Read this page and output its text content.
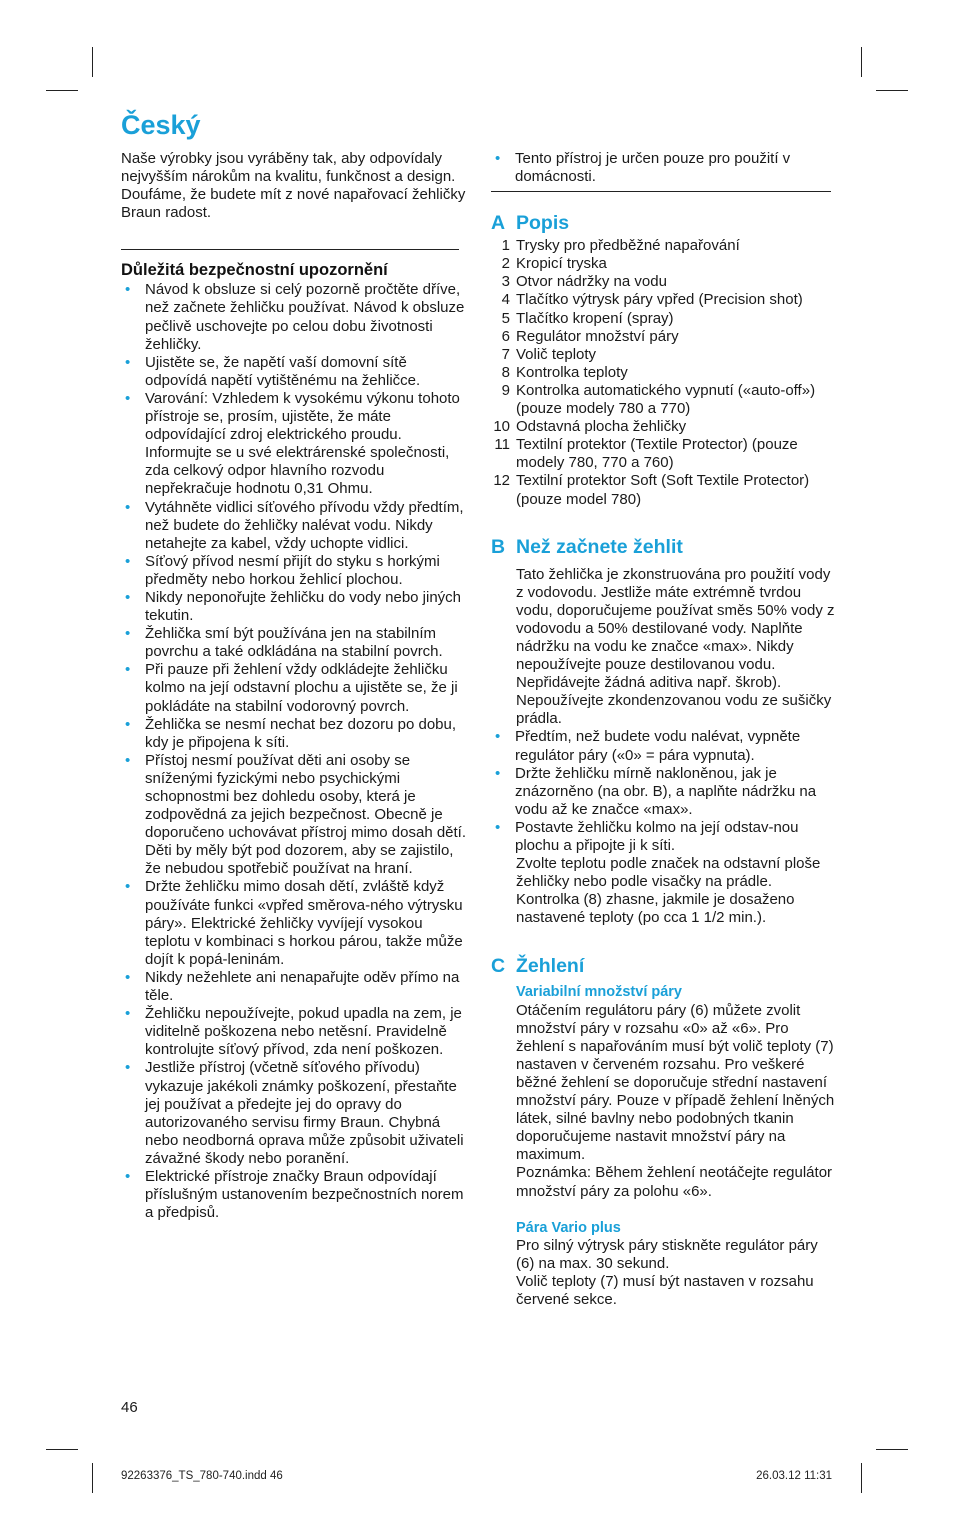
Český

Naše výrobky jsou vyráběny tak, aby odpovídaly nejvyšším nárokům na kvalitu, funkčnost a design. Doufáme, že budete mít z nové napařovací žehličky Braun radost.

Důležitá bezpečnostní upozornění
• Návod k obsluze si celý pozorně pročtěte dříve, než začnete žehličku používat. Návod k obsluze pečlivě uschovejte po celou dobu životnosti žehličky.
• Ujistěte se, že napětí vaší domovní sítě odpovídá napětí vytištěnému na žehličce.
• Varování: Vzhledem k vysokému výkonu tohoto přístroje se, prosím, ujistěte, že máte odpovídající zdroj elektrického proudu. Informujte se u své elektrárenské společnosti, zda celkový odpor hlavního rozvodu nepřekračuje hodnotu 0,31 Ohmu.
• Vytáhněte vidlici síťového přívodu vždy předtím, než budete do žehličky nalévat vodu. Nikdy netahejte za kabel, vždy uchopte vidlici.
• Síťový přívod nesmí přijít do styku s horkými předměty nebo horkou žehlicí plochou.
• Nikdy neponořujte žehličku do vody nebo jiných tekutin.
• Žehlička smí být používána jen na stabilním povrchu a také odkládána na stabilní povrch.
• Při pauze při žehlení vždy odkládejte žehličku kolmo na její odstavní plochu a ujistěte se, že ji pokládáte na stabilní vodorovný povrch.
• Žehlička se nesmí nechat bez dozoru po dobu, kdy je připojena k síti.
• Přístoj nesmí používat děti ani osoby se sníženými fyzickými nebo psychickými schopnostmi bez dohledu osoby, která je zodpovědná za jejich bezpečnost. Obecně je doporučeno uchovávat přístroj mimo dosah dětí. Děti by měly být pod dozorem, aby se zajistilo, že nebudou spotřebič používat na hraní.
• Držte žehličku mimo dosah dětí, zvláště když používáte funkci «vpřed směrova-ného výtrysku páry». Elektrické žehličky vyvíjejí vysokou teplotu v kombinaci s horkou párou, takže může dojít k popá-leninám.
• Nikdy nežehlete ani nenapařujte oděv přímo na těle.
• Žehličku nepoužívejte, pokud upadla na zem, je viditelně poškozena nebo netěsní. Pravidelně kontrolujte síťový přívod, zda není poškozen.
• Jestliže přístroj (včetně síťového přívodu) vykazuje jakékoli známky poškození, přestaňte jej používat a předejte jej do opravy do autorizovaného servisu firmy Braun. Chybná nebo neodborná oprava může způsobit uživateli závažné škody nebo poranění.
• Elektrické přístroje značky Braun odpovídají příslušným ustanovením bezpečnostních norem a předpisů.
• Tento přístroj je určen pouze pro použití v domácnosti.
A Popis
1 Trysky pro předběžné napařování
2 Kropicí tryska
3 Otvor nádržky na vodu
4 Tlačítko výtrysk páry vpřed (Precision shot)
5 Tlačítko kropení (spray)
6 Regulátor množství páry
7 Volič teploty
8 Kontrolka teploty
9 Kontrolka automatického vypnutí («auto-off») (pouze modely 780 a 770)
10 Odstavná plocha žehličky
11 Textilní protektor (Textile Protector) (pouze modely 780, 770 a 760)
12 Textilní protektor Soft (Soft Textile Protector) (pouze model 780)
B Než začnete žehlit

Tato žehlička je zkonstruována pro použití vody z vodovodu. Jestliže máte extrémně tvrdou vodu, doporučujeme používat směs 50% vody z vodovodu a 50% destilované vody. Naplňte nádržku na vodu ke značce «max». Nikdy nepoužívejte pouze destilovanou vodu. Nepřidávejte žádná aditiva např. škrob). Nepoužívejte zkondenzovanou vodu ze sušičky prádla.

• Předtím, než budete vodu nalévat, vypněte regulátor páry («0» = pára vypnuta).
• Držte žehličku mírně nakloněnou, jak je znázorněno (na obr. B), a naplňte nádržku na vodu až ke značce «max».
• Postavte žehličku kolmo na její odstav-nou plochu a připojte ji k síti.

Zvolte teplotu podle značek na odstavní ploše žehličky nebo podle visačky na prádle.

Kontrolka (8) zhasne, jakmile je dosaženo nastavené teploty (po cca 1 1/2 min.).

C Žehlení
Variabilní množství páry

Otáčením regulátoru páry (6) můžete zvolit množství páry v rozsahu «0» až «6». Pro žehlení s napařováním musí být volič teploty (7) nastaven v červeném rozsahu. Pro veškeré běžné žehlení se doporučuje střední nastavení množství páry. Pouze v případě žehlení lněných látek, silné bavlny nebo podobných tkanin doporučujeme nastavit množství páry na maximum.

Poznámka: Během žehlení neotáčejte regulátor množství páry za polohu «6».

Pára Vario plus

Pro silný výtrysk páry stiskněte regulátor páry (6) na max. 30 sekund.

Volič teploty (7) musí být nastaven v rozsahu červené sekce.

46
92263376_TS_780-740.indd 46	26.03.12 11:31
